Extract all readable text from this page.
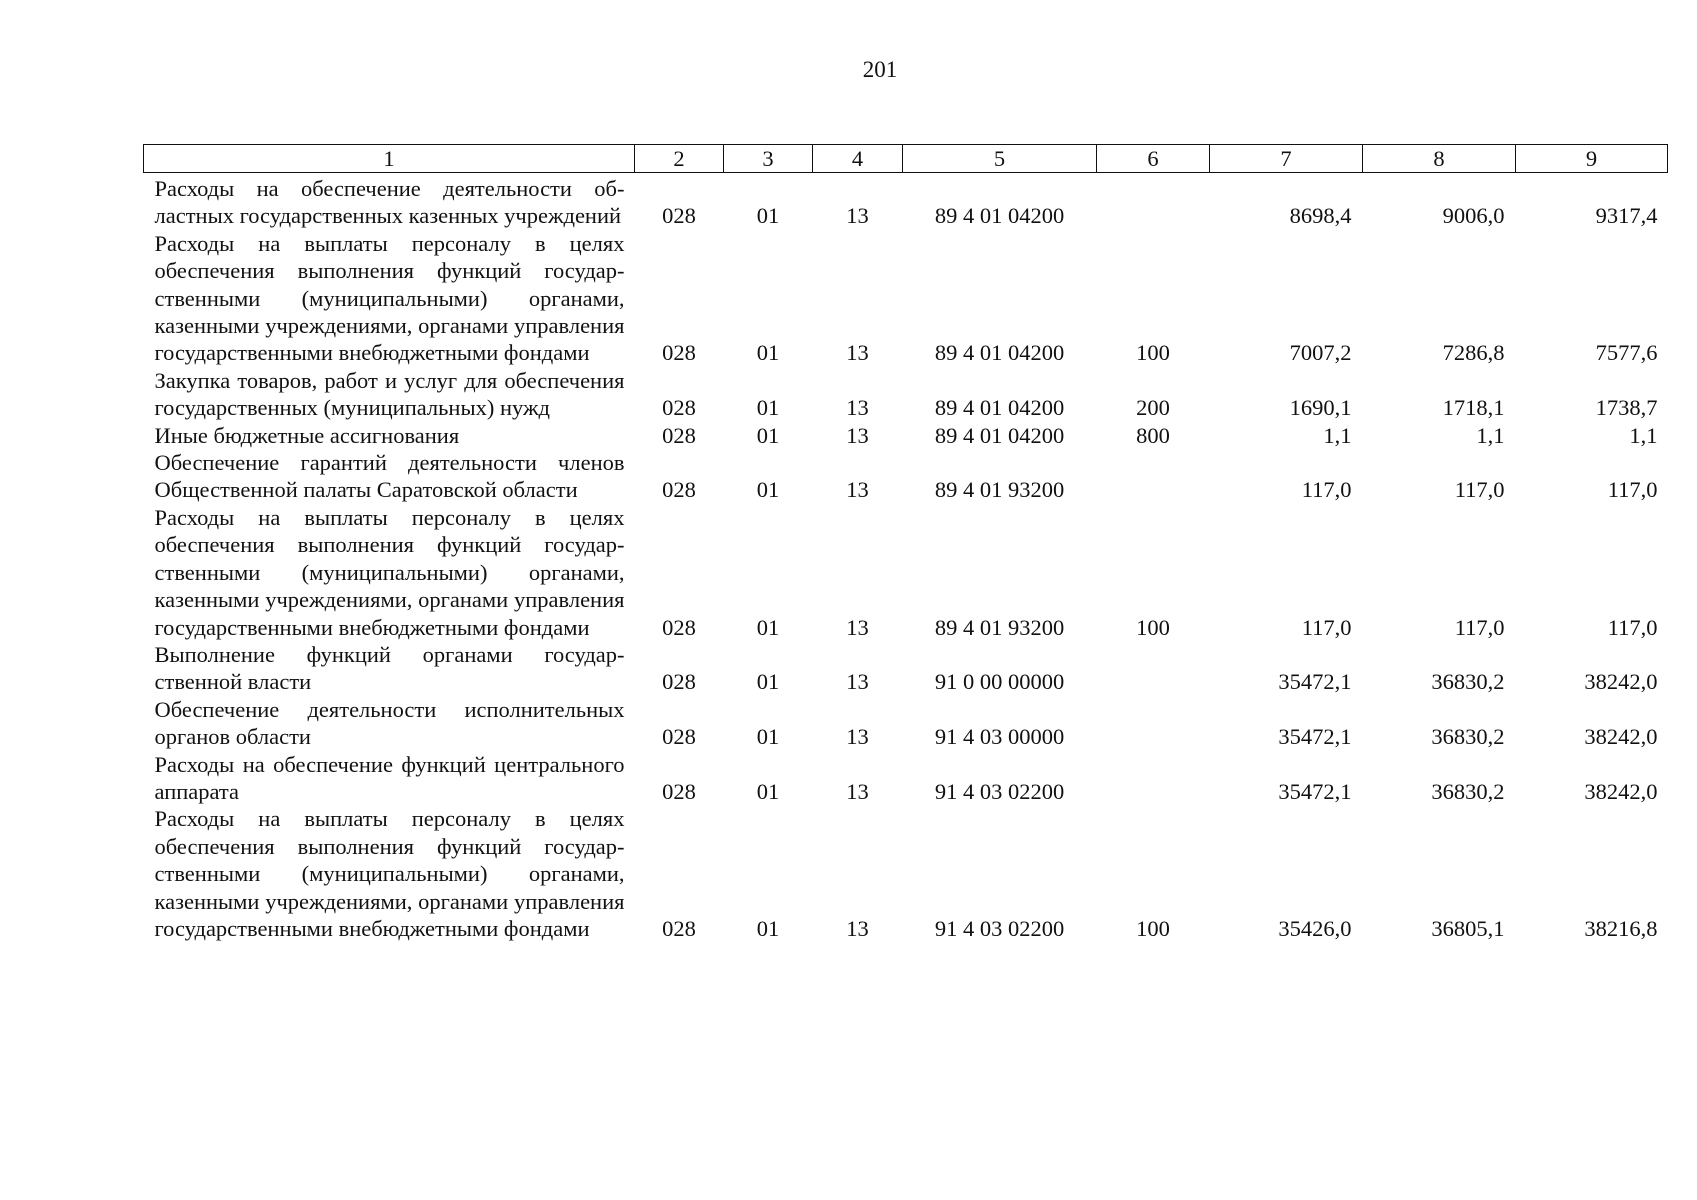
201
1	2	3	4	5	6	7	8	9
Расходы на обеспечение деятельности областных государственных казенных учреждений	028	01	13	89 4 01 04200		8698,4	9006,0	9317,4
Расходы на выплаты персоналу в целях обеспечения выполнения функций государственными (муниципальными) органами, казенными учреждениями, органами управления государственными внебюджетными фондами	028	01	13	89 4 01 04200	100	7007,2	7286,8	7577,6
Закупка товаров, работ и услуг для обеспечения государственных (муниципальных) нужд	028	01	13	89 4 01 04200	200	1690,1	1718,1	1738,7
Иные бюджетные ассигнования	028	01	13	89 4 01 04200	800	1,1	1,1	1,1
Обеспечение гарантий деятельности членов Общественной палаты Саратовской области	028	01	13	89 4 01 93200		117,0	117,0	117,0
Расходы на выплаты персоналу в целях обеспечения выполнения функций государственными (муниципальными) органами, казенными учреждениями, органами управления государственными внебюджетными фондами	028	01	13	89 4 01 93200	100	117,0	117,0	117,0
Выполнение функций органами государственной власти	028	01	13	91 0 00 00000		35472,1	36830,2	38242,0
Обеспечение деятельности исполнительных органов области	028	01	13	91 4 03 00000		35472,1	36830,2	38242,0
Расходы на обеспечение функций центрального аппарата	028	01	13	91 4 03 02200		35472,1	36830,2	38242,0
Расходы на выплаты персоналу в целях обеспечения выполнения функций государственными (муниципальными) органами, казенными учреждениями, органами управления государственными внебюджетными фондами	028	01	13	91 4 03 02200	100	35426,0	36805,1	38216,8
